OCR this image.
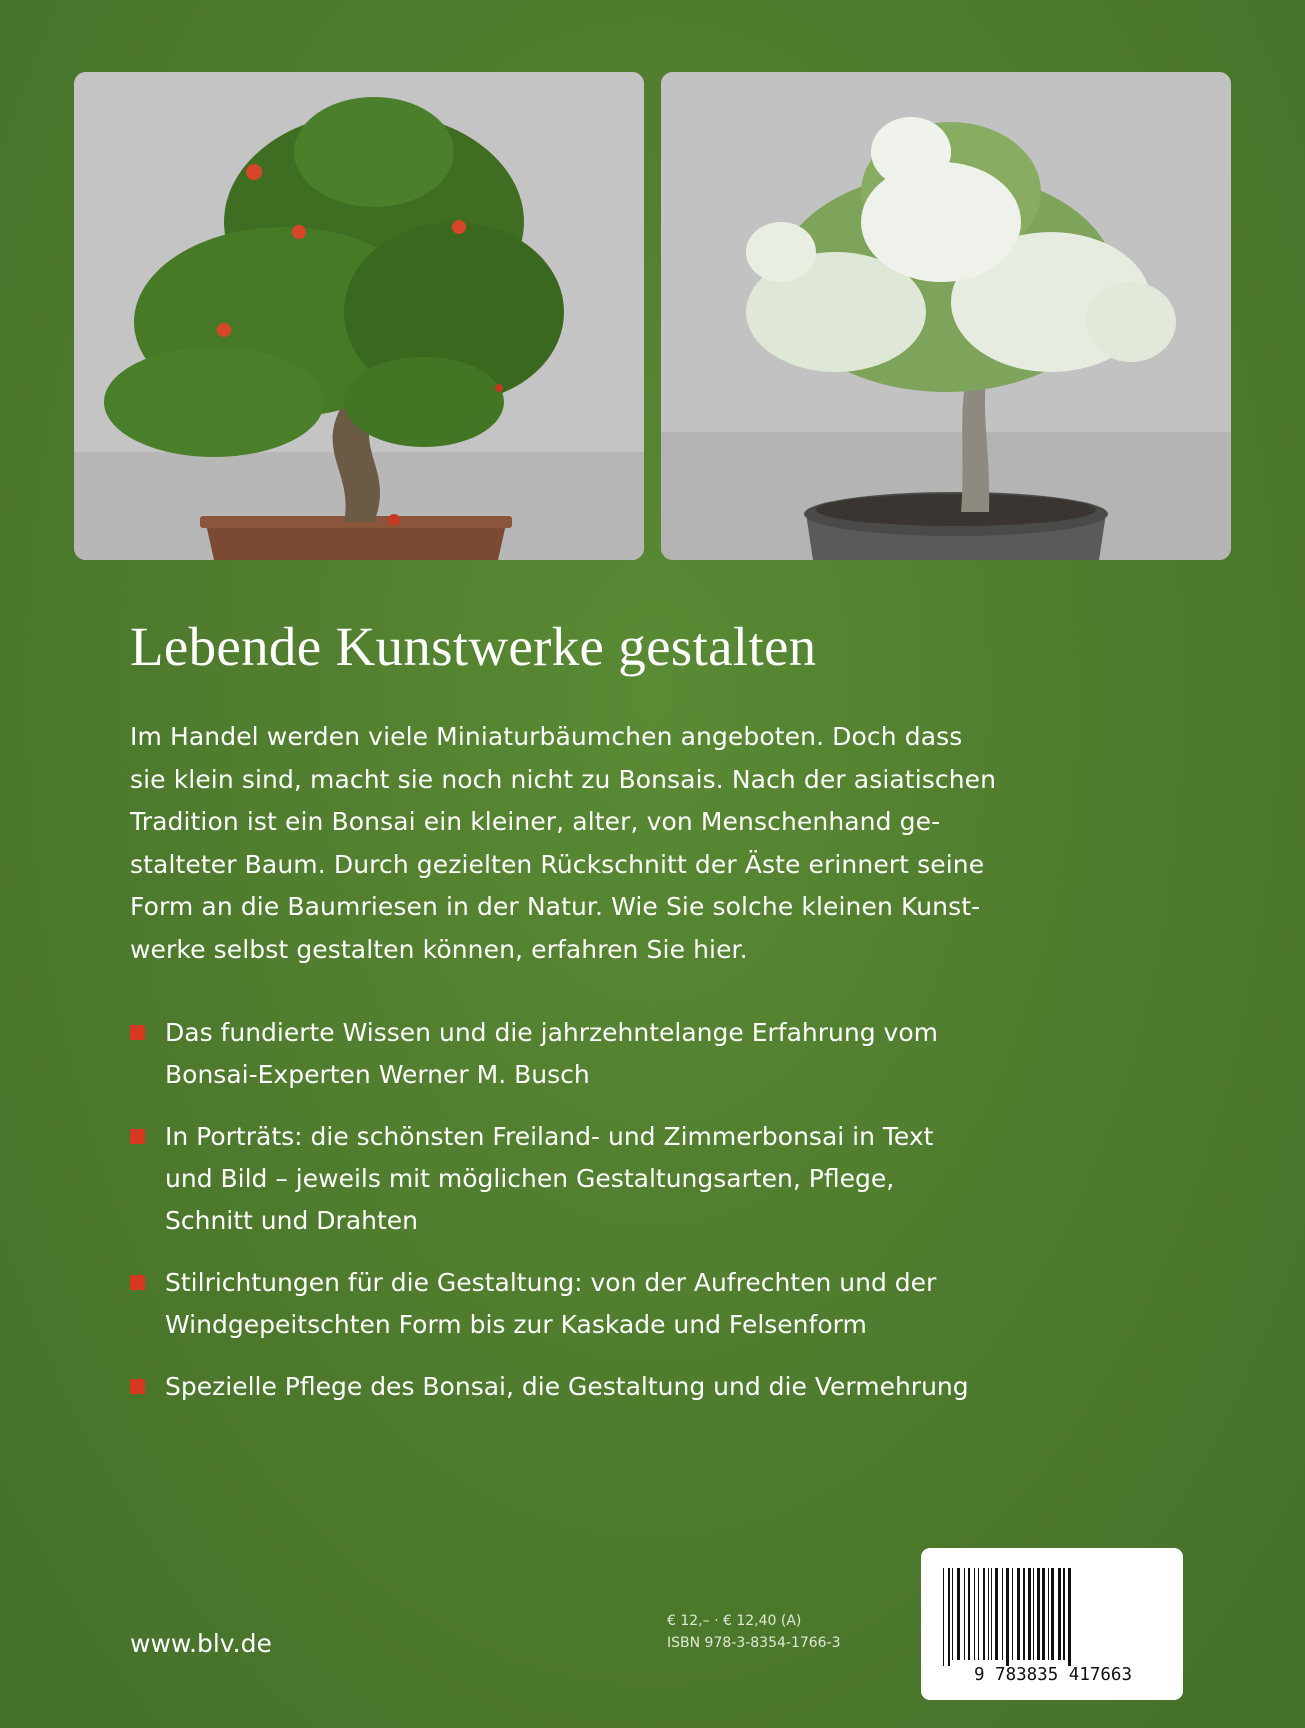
Lebende Kunstwerke gestalten
Im Handel werden viele Miniaturbäumchen angeboten. Doch dass
sie klein sind, macht sie noch nicht zu Bonsais. Nach der asiatischen
Tradition ist ein Bonsai ein kleiner, alter, von Menschenhand ge-
stalteter Baum. Durch gezielten Rückschnitt der Äste erinnert seine
Form an die Baumriesen in der Natur. Wie Sie solche kleinen Kunst-
werke selbst gestalten können, erfahren Sie hier.
Das fundierte Wissen und die jahrzehntelange Erfahrung vom
Bonsai-Experten Werner M. Busch
In Porträts: die schönsten Freiland- und Zimmerbonsai in Text
und Bild – jeweils mit möglichen Gestaltungsarten, Pflege,
Schnitt und Drahten
Stilrichtungen für die Gestaltung: von der Aufrechten und der
Windgepeitschten Form bis zur Kaskade und Felsenform
Spezielle Pflege des Bonsai, die Gestaltung und die Vermehrung
www.blv.de
€ 12,– · € 12,40 (A)
ISBN 978-3-8354-1766-3
9 783835 417663
